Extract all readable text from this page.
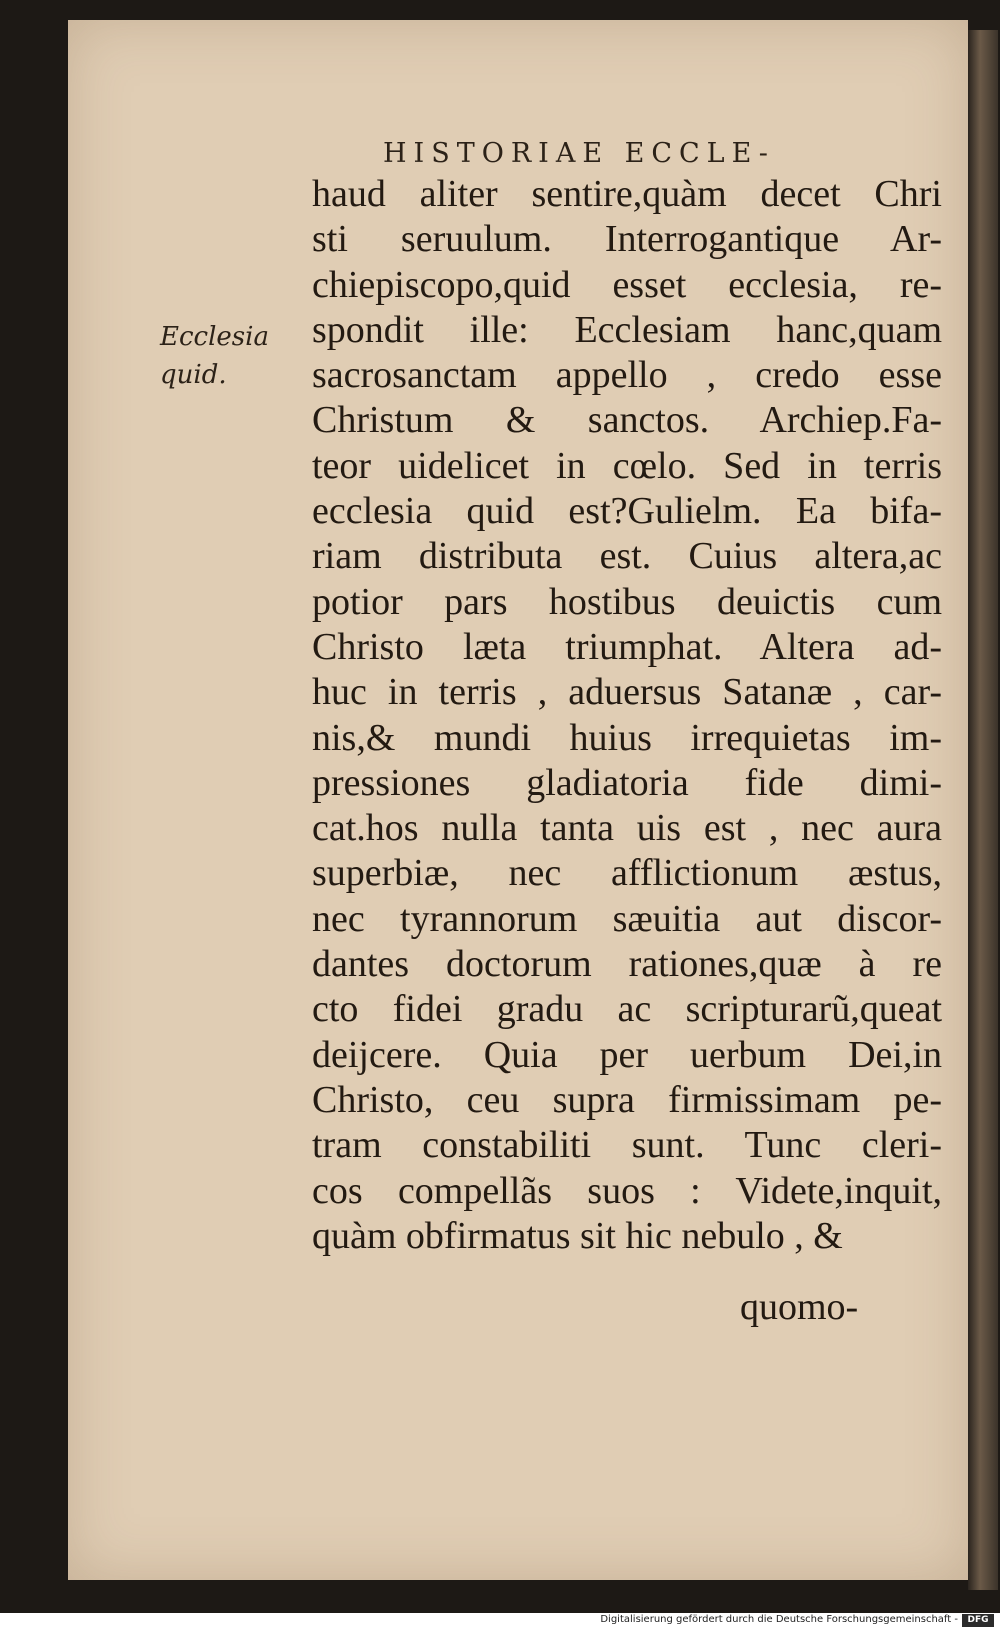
HISTORIAE ECCLE-
Ecclesia
quid.
haud aliter sentire,quàm decet Chri
sti seruulum. Interrogantique Ar-
chiepiscopo,quid esset ecclesia, re-
spondit ille: Ecclesiam hanc,quam
sacrosanctam appello , credo esse
Christum & sanctos. Archiep.Fa-
teor uidelicet in cœlo. Sed in terris
ecclesia quid est?Gulielm. Ea bifa-
riam distributa est. Cuius altera,ac
potior pars hostibus deuictis cum
Christo læta triumphat. Altera ad-
huc in terris , aduersus Satanæ , car-
nis,& mundi huius irrequietas im-
pressiones gladiatoria fide dimi-
cat.hos nulla tanta uis est , nec aura
superbiæ, nec afflictionum æstus,
nec tyrannorum sæuitia aut discor-
dantes doctorum rationes,quæ à re
cto fidei gradu ac scripturarũ,queat
deijcere. Quia per uerbum Dei,in
Christo, ceu supra firmissimam pe-
tram constabiliti sunt. Tunc cleri-
cos compellãs suos : Videte,inquit,
quàm obfirmatus sit hic nebulo , &
quomo-
Digitalisierung gefördert durch die Deutsche Forschungsgemeinschaft -	DFG
